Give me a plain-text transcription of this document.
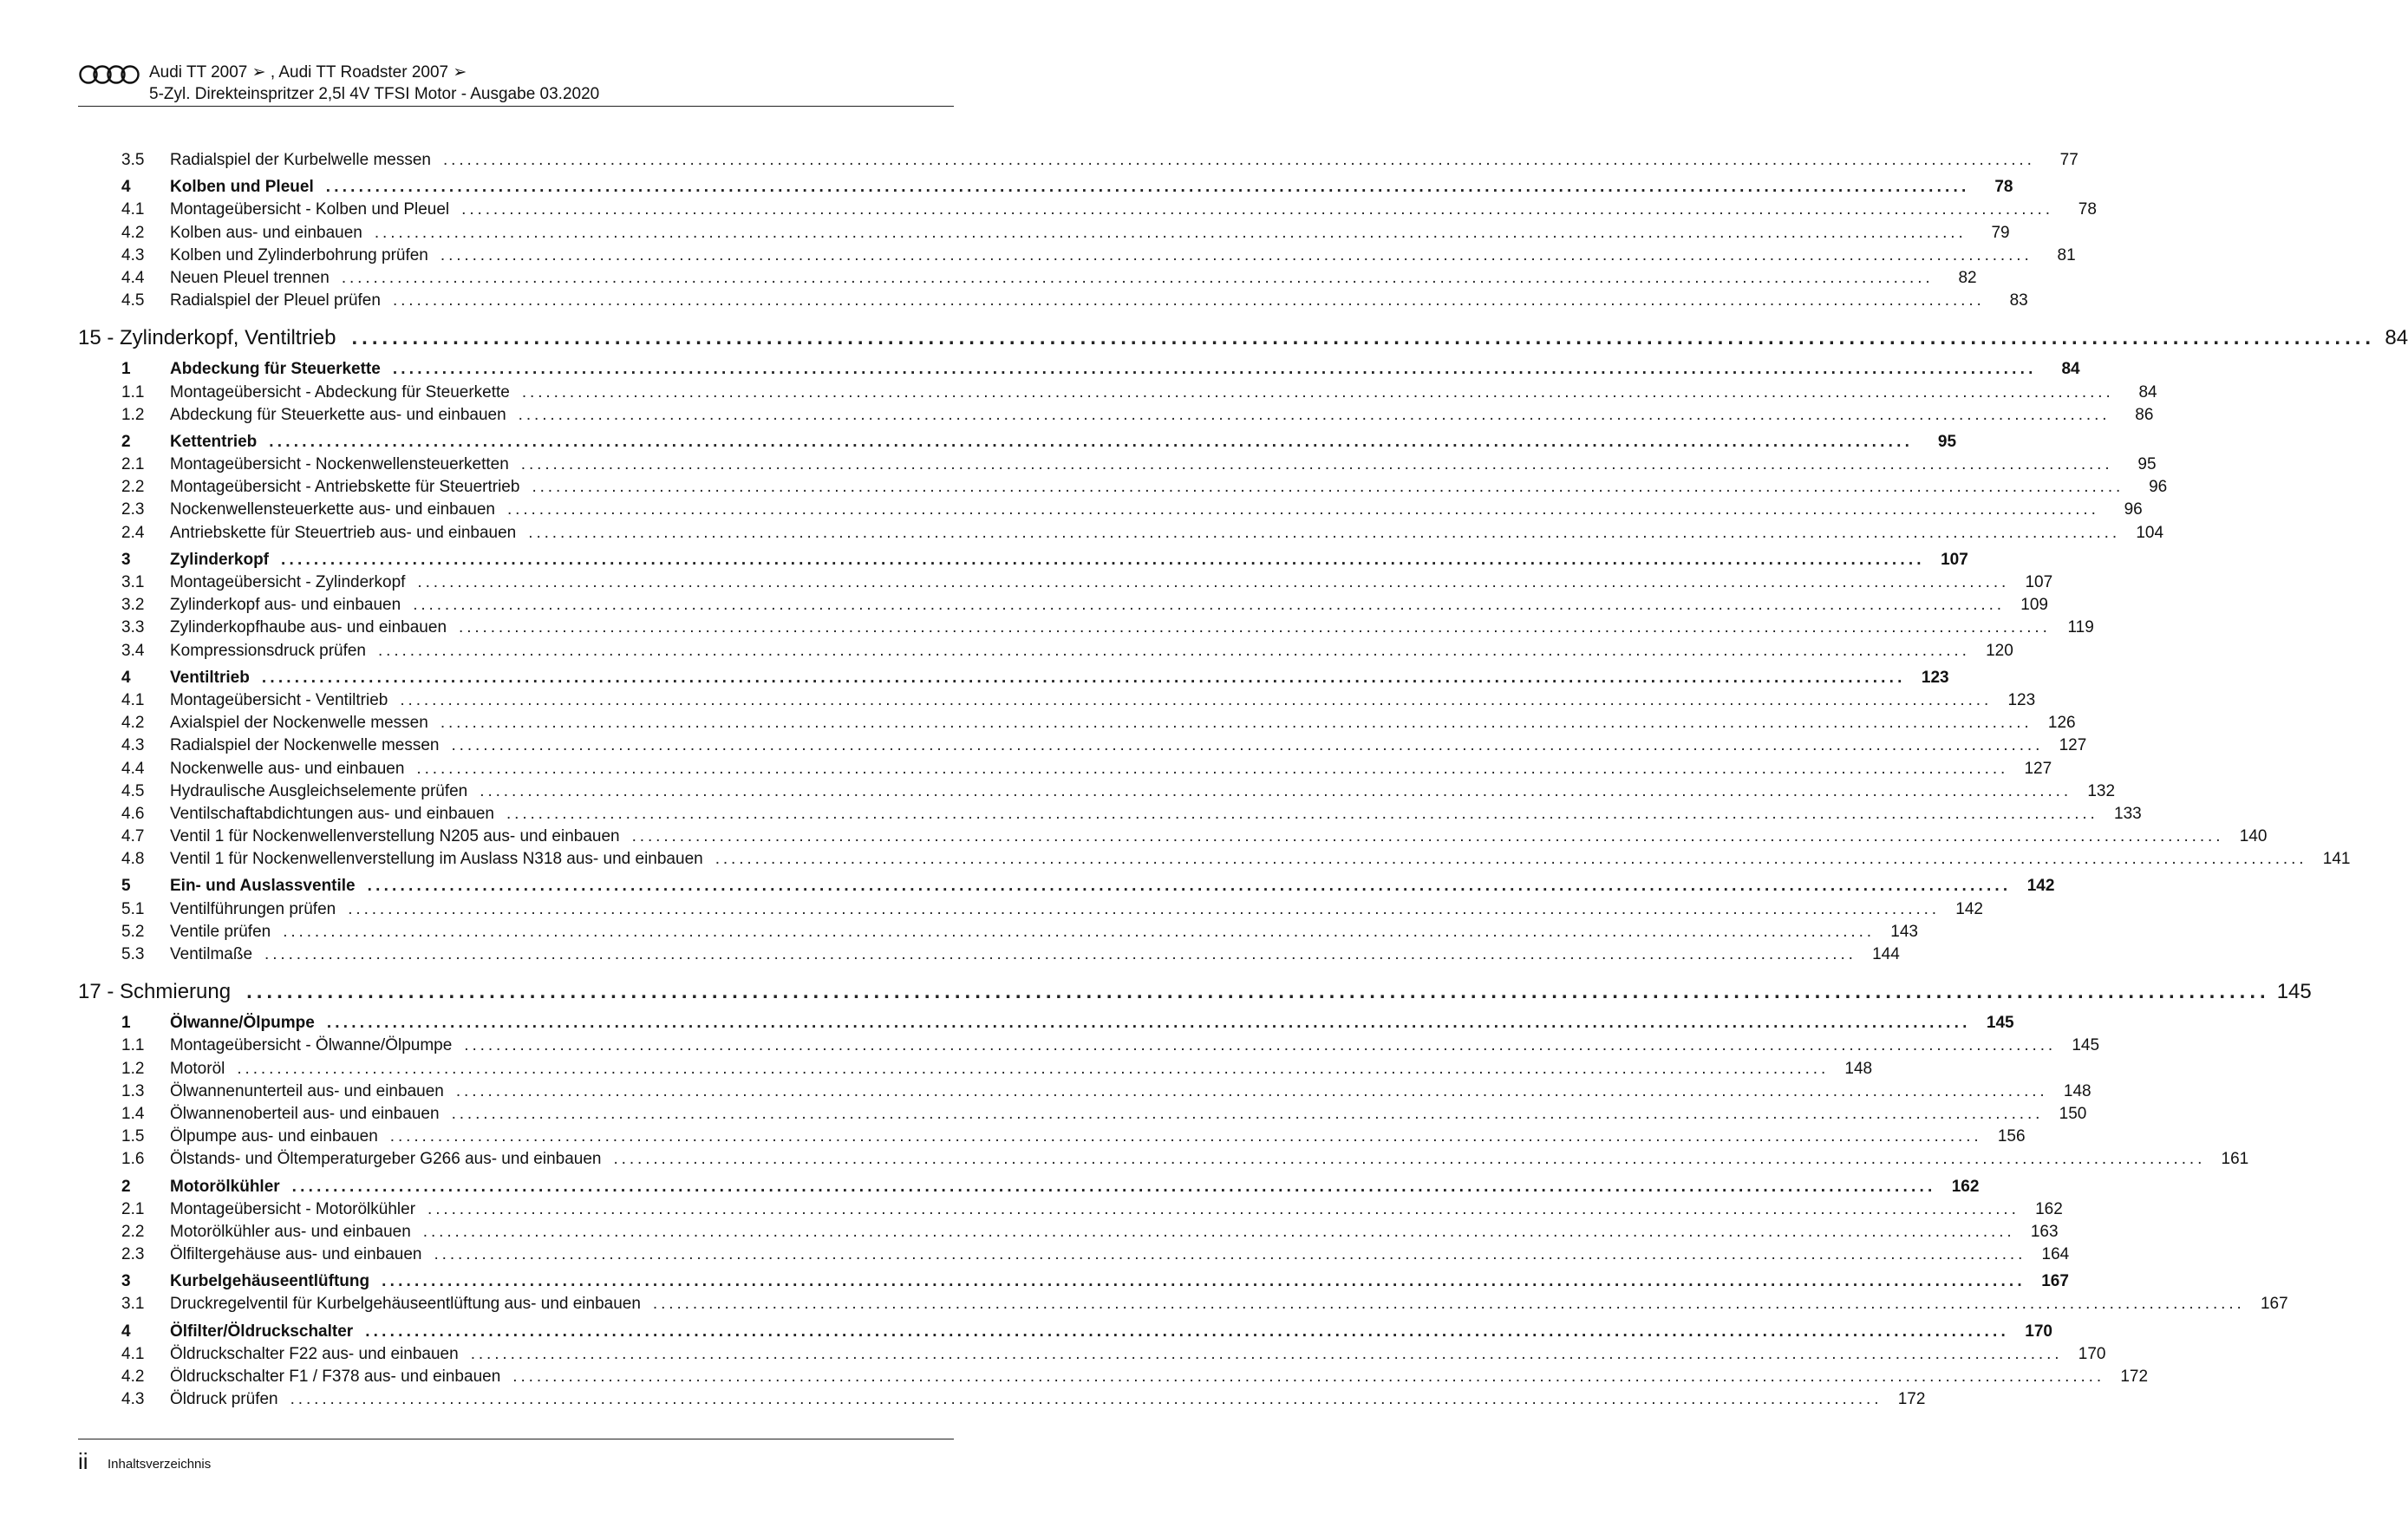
Audi TT 2007 ➢ , Audi TT Roadster 2007 ➢
5-Zyl. Direkteinspritzer 2,5l 4V TFSI Motor - Ausgabe 03.2020
3.5	Radialspiel der Kurbelwelle messen ........................................................................................................................................................................................................	77
4	Kolben und Pleuel ........................................................................................................................................................................................................	78
4.1	Montageübersicht - Kolben und Pleuel ........................................................................................................................................................................................................	78
4.2	Kolben aus- und einbauen ........................................................................................................................................................................................................	79
4.3	Kolben und Zylinderbohrung prüfen ........................................................................................................................................................................................................	81
4.4	Neuen Pleuel trennen ........................................................................................................................................................................................................	82
4.5	Radialspiel der Pleuel prüfen ........................................................................................................................................................................................................	83
15 - Zylinderkopf, Ventiltrieb ........................................................................................................................................................................................................ 84
1	Abdeckung für Steuerkette ........................................................................................................................................................................................................	84
1.1	Montageübersicht - Abdeckung für Steuerkette ........................................................................................................................................................................................................	84
1.2	Abdeckung für Steuerkette aus- und einbauen ........................................................................................................................................................................................................	86
2	Kettentrieb ........................................................................................................................................................................................................	95
2.1	Montageübersicht - Nockenwellensteuerketten ........................................................................................................................................................................................................	95
2.2	Montageübersicht - Antriebskette für Steuertrieb ........................................................................................................................................................................................................	96
2.3	Nockenwellensteuerkette aus- und einbauen ........................................................................................................................................................................................................	96
2.4	Antriebskette für Steuertrieb aus- und einbauen ........................................................................................................................................................................................................ 104
3	Zylinderkopf ........................................................................................................................................................................................................ 107
3.1	Montageübersicht - Zylinderkopf ........................................................................................................................................................................................................ 107
3.2	Zylinderkopf aus- und einbauen ........................................................................................................................................................................................................ 109
3.3	Zylinderkopfhaube aus- und einbauen ........................................................................................................................................................................................................	119
3.4	Kompressionsdruck prüfen ........................................................................................................................................................................................................ 120
4	Ventiltrieb ........................................................................................................................................................................................................ 123
4.1	Montageübersicht - Ventiltrieb ........................................................................................................................................................................................................ 123
4.2	Axialspiel der Nockenwelle messen ........................................................................................................................................................................................................ 126
4.3	Radialspiel der Nockenwelle messen ........................................................................................................................................................................................................ 127
4.4	Nockenwelle aus- und einbauen ........................................................................................................................................................................................................ 127
4.5	Hydraulische Ausgleichselemente prüfen ........................................................................................................................................................................................................ 132
4.6	Ventilschaftabdichtungen aus- und einbauen ........................................................................................................................................................................................................ 133
4.7	Ventil 1 für Nockenwellenverstellung N205 aus- und einbauen ........................................................................................................................................................................................................ 140
4.8	Ventil 1 für Nockenwellenverstellung im Auslass N318 aus- und einbauen ........................................................................................................................................................................................................ 141
5	Ein- und Auslassventile ........................................................................................................................................................................................................ 142
5.1	Ventilführungen prüfen ........................................................................................................................................................................................................ 142
5.2	Ventile prüfen ........................................................................................................................................................................................................ 143
5.3	Ventilmaße ........................................................................................................................................................................................................ 144
17 - Schmierung ........................................................................................................................................................................................................ 145
1	Ölwanne/Ölpumpe ........................................................................................................................................................................................................ 145
1.1	Montageübersicht - Ölwanne/Ölpumpe ........................................................................................................................................................................................................ 145
1.2	Motoröl ........................................................................................................................................................................................................ 148
1.3	Ölwannenunterteil aus- und einbauen ........................................................................................................................................................................................................ 148
1.4	Ölwannenoberteil aus- und einbauen ........................................................................................................................................................................................................ 150
1.5	Ölpumpe aus- und einbauen ........................................................................................................................................................................................................ 156
1.6	Ölstands- und Öltemperaturgeber G266 aus- und einbauen ........................................................................................................................................................................................................ 161
2	Motorölkühler ........................................................................................................................................................................................................ 162
2.1	Montageübersicht - Motorölkühler ........................................................................................................................................................................................................ 162
2.2	Motorölkühler aus- und einbauen ........................................................................................................................................................................................................ 163
2.3	Ölfiltergehäuse aus- und einbauen ........................................................................................................................................................................................................ 164
3	Kurbelgehäuseentlüftung ........................................................................................................................................................................................................ 167
3.1	Druckregelventil für Kurbelgehäuseentlüftung aus- und einbauen ........................................................................................................................................................................................................ 167
4	Ölfilter/Öldruckschalter ........................................................................................................................................................................................................ 170
4.1	Öldruckschalter F22 aus- und einbauen ........................................................................................................................................................................................................ 170
4.2	Öldruckschalter F1 / F378 aus- und einbauen ........................................................................................................................................................................................................ 172
4.3	Öldruck prüfen ........................................................................................................................................................................................................ 172
ii Inhaltsverzeichnis
